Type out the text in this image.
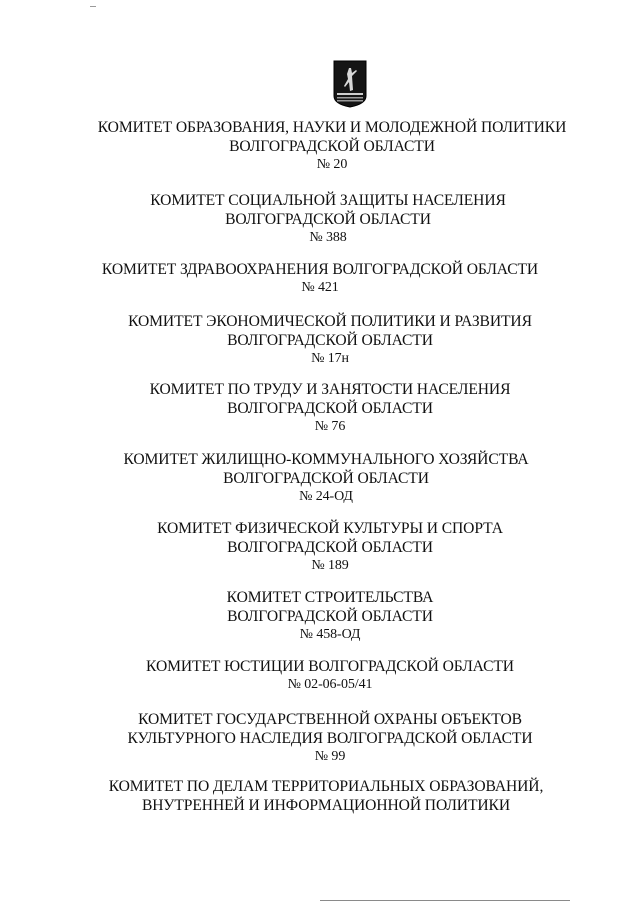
КОМИТЕТ ОБРАЗОВАНИЯ, НАУКИ И МОЛОДЕЖНОЙ ПОЛИТИКИ
ВОЛГОГРАДСКОЙ ОБЛАСТИ
№ 20
КОМИТЕТ СОЦИАЛЬНОЙ ЗАЩИТЫ НАСЕЛЕНИЯ
ВОЛГОГРАДСКОЙ ОБЛАСТИ
№ 388
КОМИТЕТ ЗДРАВООХРАНЕНИЯ ВОЛГОГРАДСКОЙ ОБЛАСТИ
№ 421
КОМИТЕТ ЭКОНОМИЧЕСКОЙ ПОЛИТИКИ И РАЗВИТИЯ
ВОЛГОГРАДСКОЙ ОБЛАСТИ
№ 17н
КОМИТЕТ ПО ТРУДУ И ЗАНЯТОСТИ НАСЕЛЕНИЯ
ВОЛГОГРАДСКОЙ ОБЛАСТИ
№ 76
КОМИТЕТ ЖИЛИЩНО-КОММУНАЛЬНОГО ХОЗЯЙСТВА
ВОЛГОГРАДСКОЙ ОБЛАСТИ
№ 24-ОД
КОМИТЕТ ФИЗИЧЕСКОЙ КУЛЬТУРЫ И СПОРТА
ВОЛГОГРАДСКОЙ ОБЛАСТИ
№ 189
КОМИТЕТ СТРОИТЕЛЬСТВА
ВОЛГОГРАДСКОЙ ОБЛАСТИ
№ 458-ОД
КОМИТЕТ ЮСТИЦИИ ВОЛГОГРАДСКОЙ ОБЛАСТИ
№ 02-06-05/41
КОМИТЕТ ГОСУДАРСТВЕННОЙ ОХРАНЫ ОБЪЕКТОВ
КУЛЬТУРНОГО НАСЛЕДИЯ ВОЛГОГРАДСКОЙ ОБЛАСТИ
№ 99
КОМИТЕТ ПО ДЕЛАМ ТЕРРИТОРИАЛЬНЫХ ОБРАЗОВАНИЙ,
ВНУТРЕННЕЙ И ИНФОРМАЦИОННОЙ ПОЛИТИКИ
